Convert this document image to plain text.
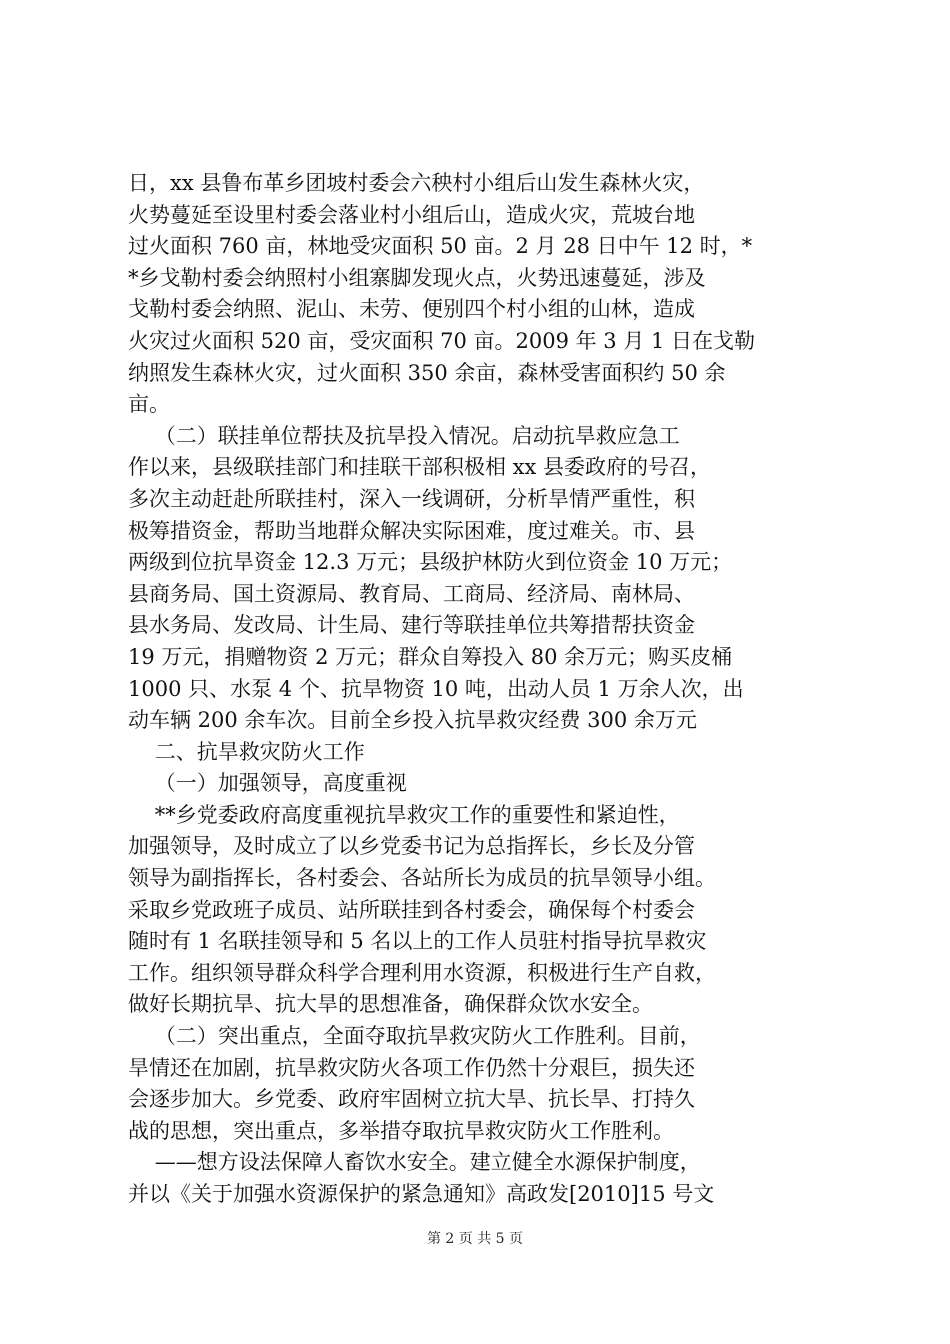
日，xx 县鲁布革乡团坡村委会六秧村小组后山发生森林火灾，
火势蔓延至设里村委会落业村小组后山，造成火灾，荒坡台地
过火面积 760 亩，林地受灾面积 50 亩。2 月 28 日中午 12 时，*
*乡戈勒村委会纳照村小组寨脚发现火点，火势迅速蔓延，涉及
戈勒村委会纳照、泥山、未劳、便别四个村小组的山林，造成
火灾过火面积 520 亩，受灾面积 70 亩。2009 年 3 月 1 日在戈勒
纳照发生森林火灾，过火面积 350 余亩，森林受害面积约 50 余
亩。
（二）联挂单位帮扶及抗旱投入情况。启动抗旱救应急工
作以来，县级联挂部门和挂联干部积极相 xx 县委政府的号召，
多次主动赶赴所联挂村，深入一线调研，分析旱情严重性，积
极筹措资金，帮助当地群众解决实际困难，度过难关。市、县
两级到位抗旱资金 12.3 万元；县级护林防火到位资金 10 万元；
县商务局、国土资源局、教育局、工商局、经济局、南林局、
县水务局、发改局、计生局、建行等联挂单位共筹措帮扶资金
19 万元，捐赠物资 2 万元；群众自筹投入 80 余万元；购买皮桶
1000 只、水泵 4 个、抗旱物资 10 吨，出动人员 1 万余人次，出
动车辆 200 余车次。目前全乡投入抗旱救灾经费 300 余万元
二、抗旱救灾防火工作
（一）加强领导，高度重视
**乡党委政府高度重视抗旱救灾工作的重要性和紧迫性，
加强领导，及时成立了以乡党委书记为总指挥长，乡长及分管
领导为副指挥长，各村委会、各站所长为成员的抗旱领导小组。
采取乡党政班子成员、站所联挂到各村委会，确保每个村委会
随时有 1 名联挂领导和 5 名以上的工作人员驻村指导抗旱救灾
工作。组织领导群众科学合理利用水资源，积极进行生产自救，
做好长期抗旱、抗大旱的思想准备，确保群众饮水安全。
（二）突出重点，全面夺取抗旱救灾防火工作胜利。目前，
旱情还在加剧，抗旱救灾防火各项工作仍然十分艰巨，损失还
会逐步加大。乡党委、政府牢固树立抗大旱、抗长旱、打持久
战的思想，突出重点，多举措夺取抗旱救灾防火工作胜利。
——想方设法保障人畜饮水安全。建立健全水源保护制度，
并以《关于加强水资源保护的紧急通知》高政发[2010]15 号文
第 2 页 共 5 页
